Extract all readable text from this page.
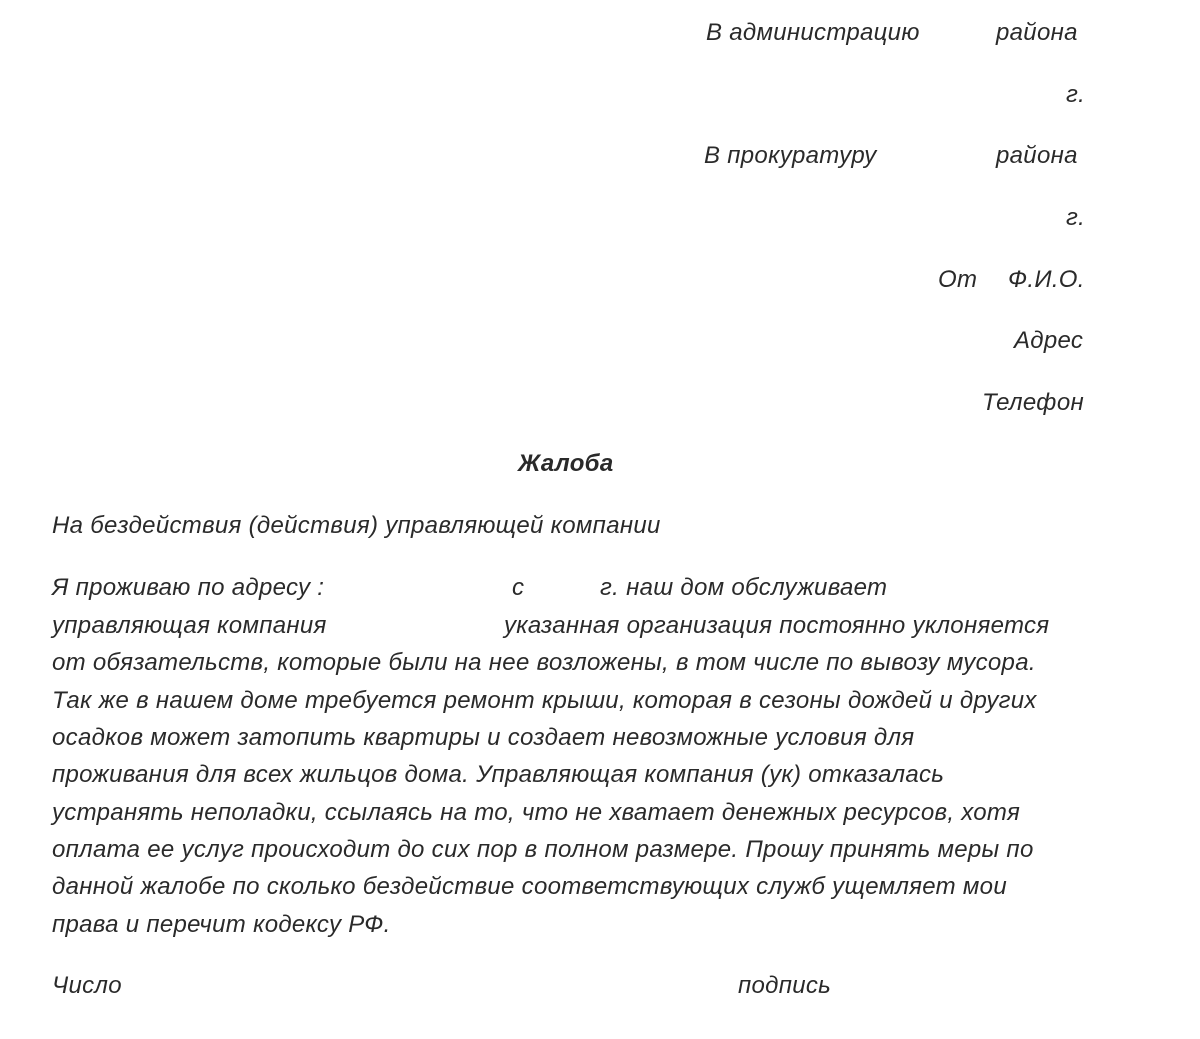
В администрацию	района
г.
В прокуратуру	района
г.
От Ф.И.О.
Адрес
Телефон
Жалоба
На бездействия (действия) управляющей компании
Я проживаю по адресу :	с	г. наш дом обслуживает
управляющая компания	указанная организация постоянно уклоняется
от обязательств, которые были на нее возложены, в том числе по вывозу мусора.
Так же в нашем доме требуется ремонт крыши, которая в сезоны дождей и других
осадков может затопить квартиры и создает невозможные условия для
проживания для всех жильцов дома. Управляющая компания (ук) отказалась
устранять неполадки, ссылаясь на то, что не хватает денежных ресурсов, хотя
оплата ее услуг происходит до сих пор в полном размере. Прошу принять меры по
данной жалобе по сколько бездействие соответствующих служб ущемляет мои
права и перечит кодексу РФ.
Число	подпись
